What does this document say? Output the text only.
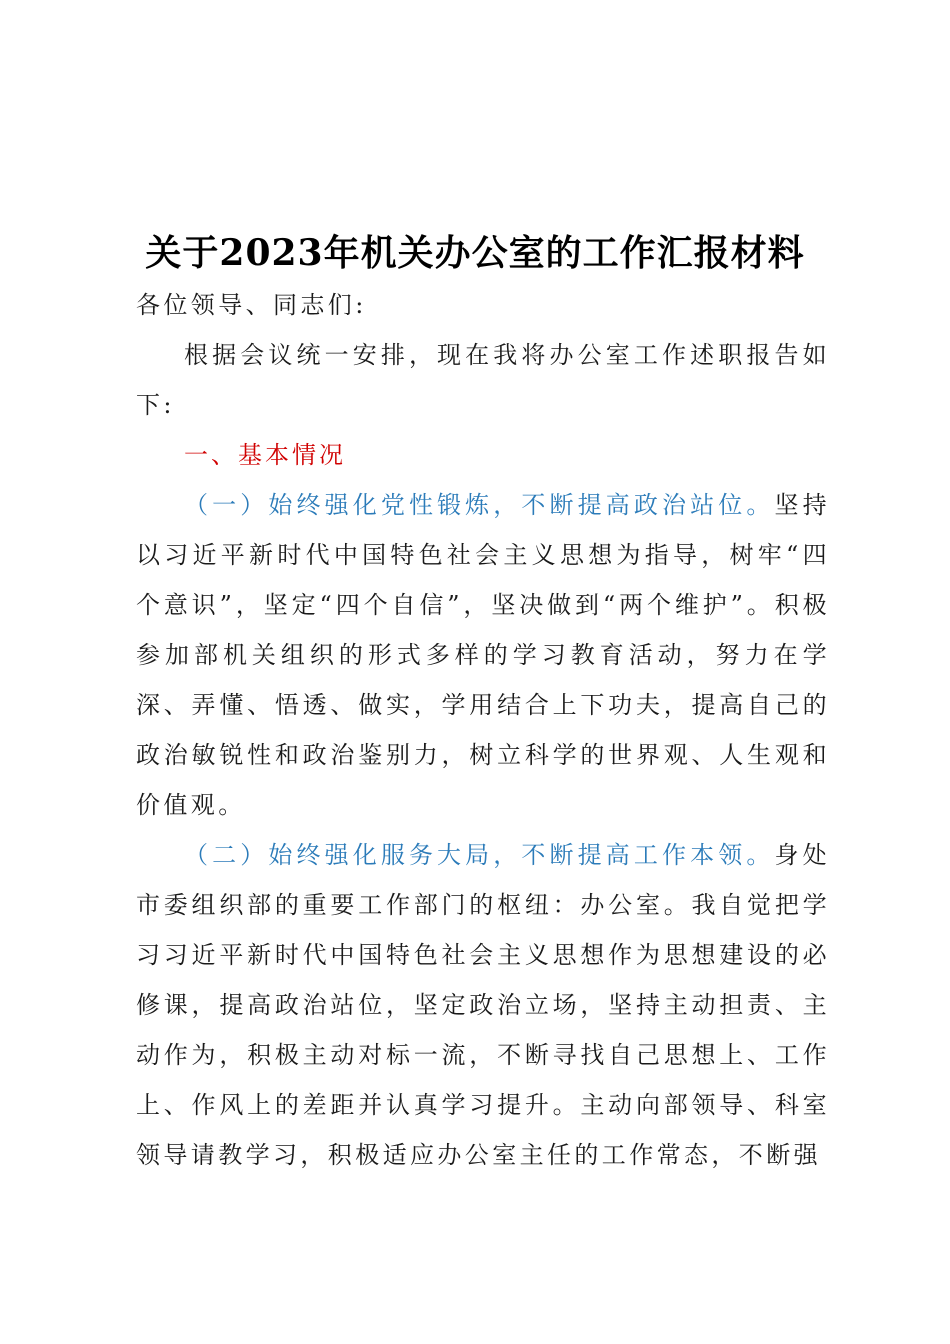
关于2023年机关办公室的工作汇报材料

各位领导、同志们:

根据会议统一安排，现在我将办公室工作述职报告如下:

一、基本情况

（一）始终强化党性锻炼，不断提高政治站位。坚持以习近平新时代中国特色社会主义思想为指导，树牢“四个意识”，坚定“四个自信”，坚决做到“两个维护”。积极参加部机关组织的形式多样的学习教育活动，努力在学深、弄懂、悟透、做实，学用结合上下功夫，提高自己的政治敏锐性和政治鉴别力，树立科学的世界观、人生观和价值观。

（二）始终强化服务大局，不断提高工作本领。身处市委组织部的重要工作部门的枢纽：办公室。我自觉把学习习近平新时代中国特色社会主义思想作为思想建设的必修课，提高政治站位，坚定政治立场，坚持主动担责、主动作为，积极主动对标一流，不断寻找自己思想上、工作上、作风上的差距并认真学习提升。主动向部领导、科室领导请教学习，积极适应办公室主任的工作常态，不断强
